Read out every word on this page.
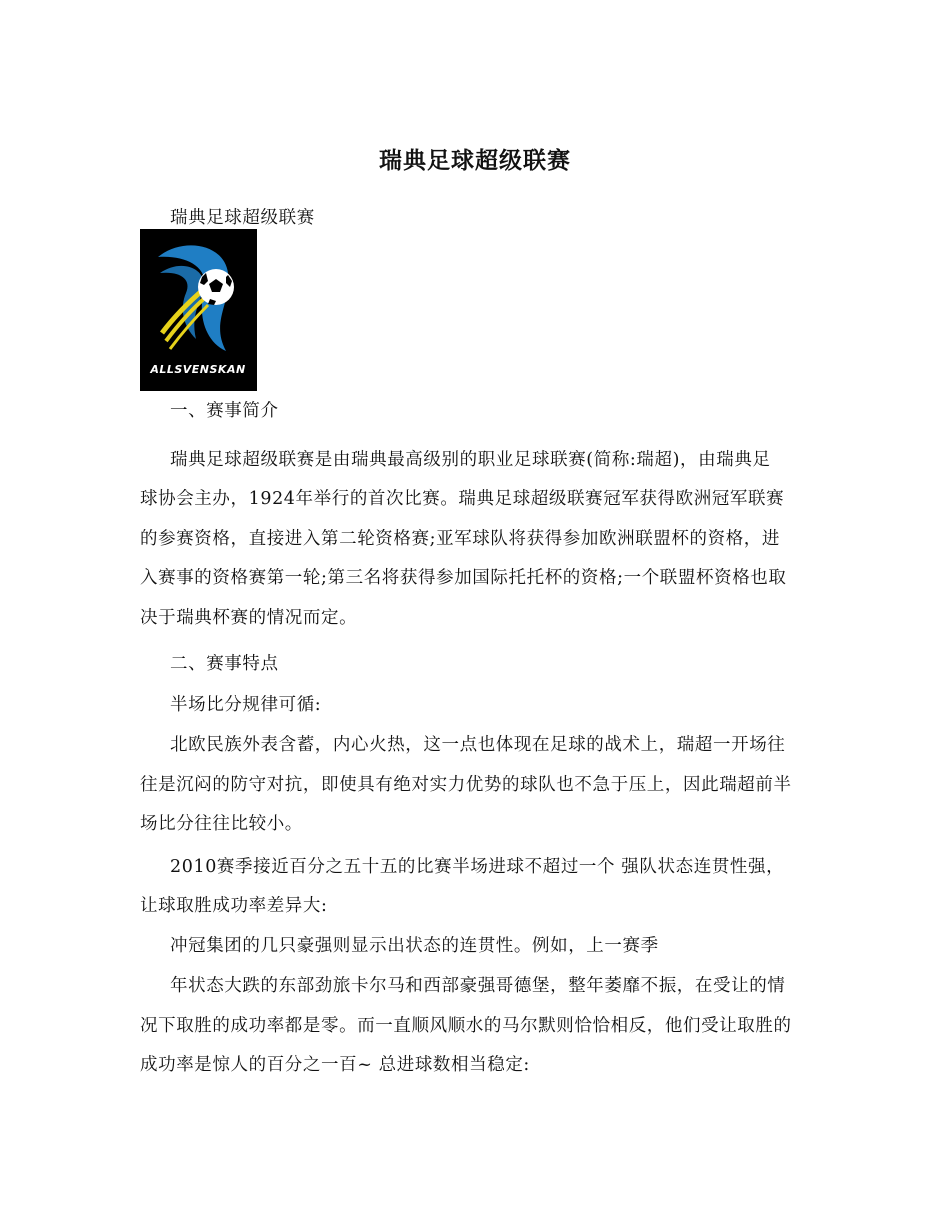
瑞典足球超级联赛
瑞典足球超级联赛
ALLSVENSKAN
一、赛事简介
瑞典足球超级联赛是由瑞典最高级别的职业足球联赛(简称:瑞超)，由瑞典足
球协会主办，1924年举行的首次比赛。瑞典足球超级联赛冠军获得欧洲冠军联赛
的参赛资格，直接进入第二轮资格赛;亚军球队将获得参加欧洲联盟杯的资格，进
入赛事的资格赛第一轮;第三名将获得参加国际托托杯的资格;一个联盟杯资格也取
决于瑞典杯赛的情况而定。
二、赛事特点
半场比分规律可循:
北欧民族外表含蓄，内心火热，这一点也体现在足球的战术上，瑞超一开场往
往是沉闷的防守对抗，即使具有绝对实力优势的球队也不急于压上，因此瑞超前半
场比分往往比较小。
2010赛季接近百分之五十五的比赛半场进球不超过一个 强队状态连贯性强，
让球取胜成功率差异大:
冲冠集团的几只豪强则显示出状态的连贯性。例如，上一赛季
年状态大跌的东部劲旅卡尔马和西部豪强哥德堡，整年萎靡不振，在受让的情
况下取胜的成功率都是零。而一直顺风顺水的马尔默则恰恰相反，他们受让取胜的
成功率是惊人的百分之一百~ 总进球数相当稳定:
